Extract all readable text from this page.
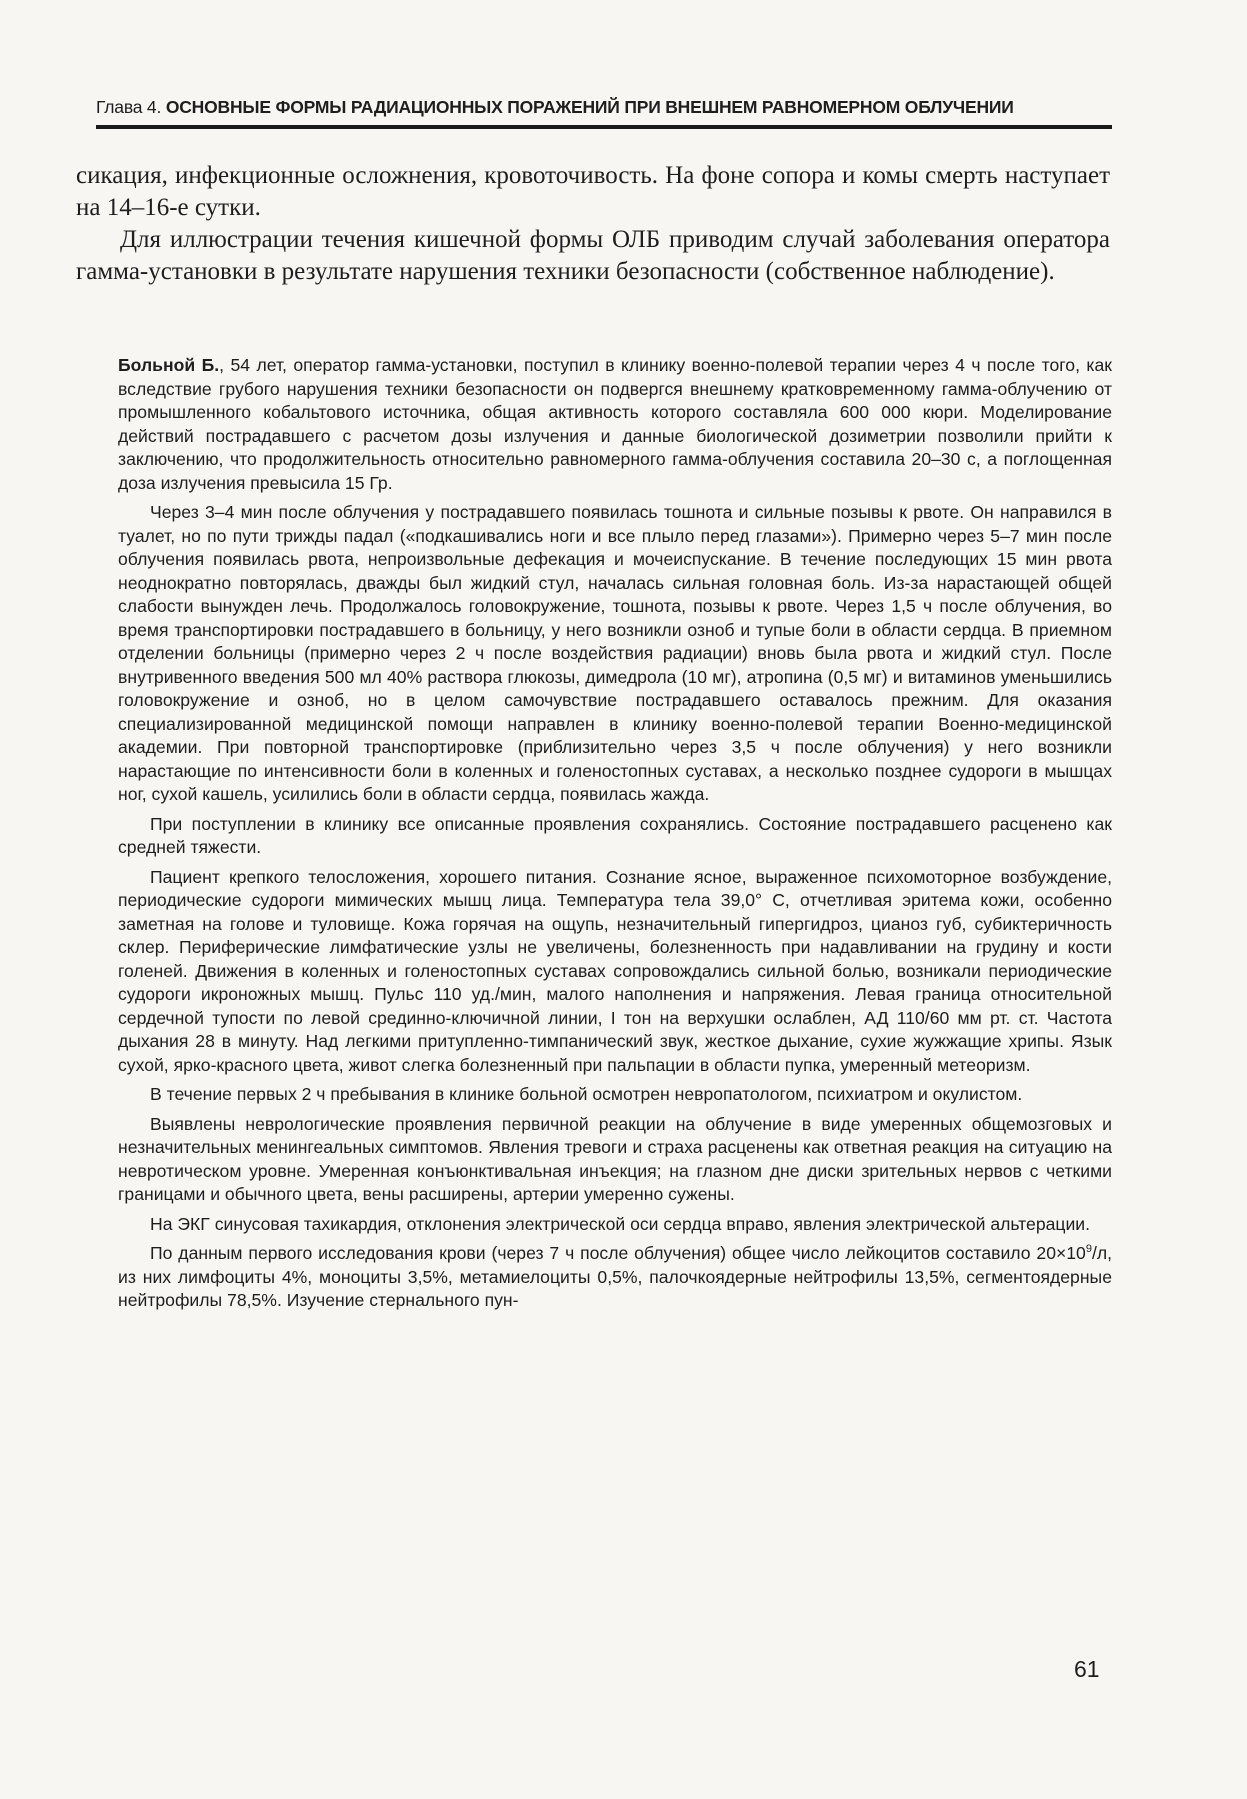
Глава 4. ОСНОВНЫЕ ФОРМЫ РАДИАЦИОННЫХ ПОРАЖЕНИЙ ПРИ ВНЕШНЕМ РАВНОМЕРНОМ ОБЛУЧЕНИИ

сикация, инфекционные осложнения, кровоточивость. На фоне сопора и комы смерть наступает на 14–16-е сутки.

Для иллюстрации течения кишечной формы ОЛБ приводим случай заболевания оператора гамма-установки в результате нарушения техники безопасности (собственное наблюдение).

Больной Б., 54 лет, оператор гамма-установки, поступил в клинику военно-полевой терапии через 4 ч после того, как вследствие грубого нарушения техники безопасности он подвергся внешнему кратковременному гамма-облучению от промышленного кобальтового источника, общая активность которого составляла 600 000 кюри. Моделирование действий пострадавшего с расчетом дозы излучения и данные биологической дозиметрии позволили прийти к заключению, что продолжительность относительно равномерного гамма-облучения составила 20–30 с, а поглощенная доза излучения превысила 15 Гр.

Через 3–4 мин после облучения у пострадавшего появилась тошнота и сильные позывы к рвоте. Он направился в туалет, но по пути трижды падал («подкашивались ноги и все плыло перед глазами»). Примерно через 5–7 мин после облучения появилась рвота, непроизвольные дефекация и мочеиспускание. В течение последующих 15 мин рвота неоднократно повторялась, дважды был жидкий стул, началась сильная головная боль. Из-за нарастающей общей слабости вынужден лечь. Продолжалось головокружение, тошнота, позывы к рвоте. Через 1,5 ч после облучения, во время транспортировки пострадавшего в больницу, у него возникли озноб и тупые боли в области сердца. В приемном отделении больницы (примерно через 2 ч после воздействия радиации) вновь была рвота и жидкий стул. После внутривенного введения 500 мл 40% раствора глюкозы, димедрола (10 мг), атропина (0,5 мг) и витаминов уменьшились головокружение и озноб, но в целом самочувствие пострадавшего оставалось прежним. Для оказания специализированной медицинской помощи направлен в клинику военно-полевой терапии Военно-медицинской академии. При повторной транспортировке (приблизительно через 3,5 ч после облучения) у него возникли нарастающие по интенсивности боли в коленных и голеностопных суставах, а несколько позднее судороги в мышцах ног, сухой кашель, усилились боли в области сердца, появилась жажда.

При поступлении в клинику все описанные проявления сохранялись. Состояние пострадавшего расценено как средней тяжести.

Пациент крепкого телосложения, хорошего питания. Сознание ясное, выраженное психомоторное возбуждение, периодические судороги мимических мышц лица. Температура тела 39,0° С, отчетливая эритема кожи, особенно заметная на голове и туловище. Кожа горячая на ощупь, незначительный гипергидроз, цианоз губ, субиктеричность склер. Периферические лимфатические узлы не увеличены, болезненность при надавливании на грудину и кости голеней. Движения в коленных и голеностопных суставах сопровождались сильной болью, возникали периодические судороги икроножных мышц. Пульс 110 уд./мин, малого наполнения и напряжения. Левая граница относительной сердечной тупости по левой срединно-ключичной линии, I тон на верхушки ослаблен, АД 110/60 мм рт. ст. Частота дыхания 28 в минуту. Над легкими притупленно-тимпанический звук, жесткое дыхание, сухие жужжащие хрипы. Язык сухой, ярко-красного цвета, живот слегка болезненный при пальпации в области пупка, умеренный метеоризм.

В течение первых 2 ч пребывания в клинике больной осмотрен невропатологом, психиатром и окулистом.

Выявлены неврологические проявления первичной реакции на облучение в виде умеренных общемозговых и незначительных менингеальных симптомов. Явления тревоги и страха расценены как ответная реакция на ситуацию на невротическом уровне. Умеренная конъюнктивальная инъекция; на глазном дне диски зрительных нервов с четкими границами и обычного цвета, вены расширены, артерии умеренно сужены.

На ЭКГ синусовая тахикардия, отклонения электрической оси сердца вправо, явления электрической альтерации.

По данным первого исследования крови (через 7 ч после облучения) общее число лейкоцитов составило $20\times 10^9/л$, из них лимфоциты 4%, моноциты 3,5%, метамиелоциты 0,5%, палочкоядерные нейтрофилы 13,5%, сегментоядерные нейтрофилы 78,5%. Изучение стернального пун-

61
